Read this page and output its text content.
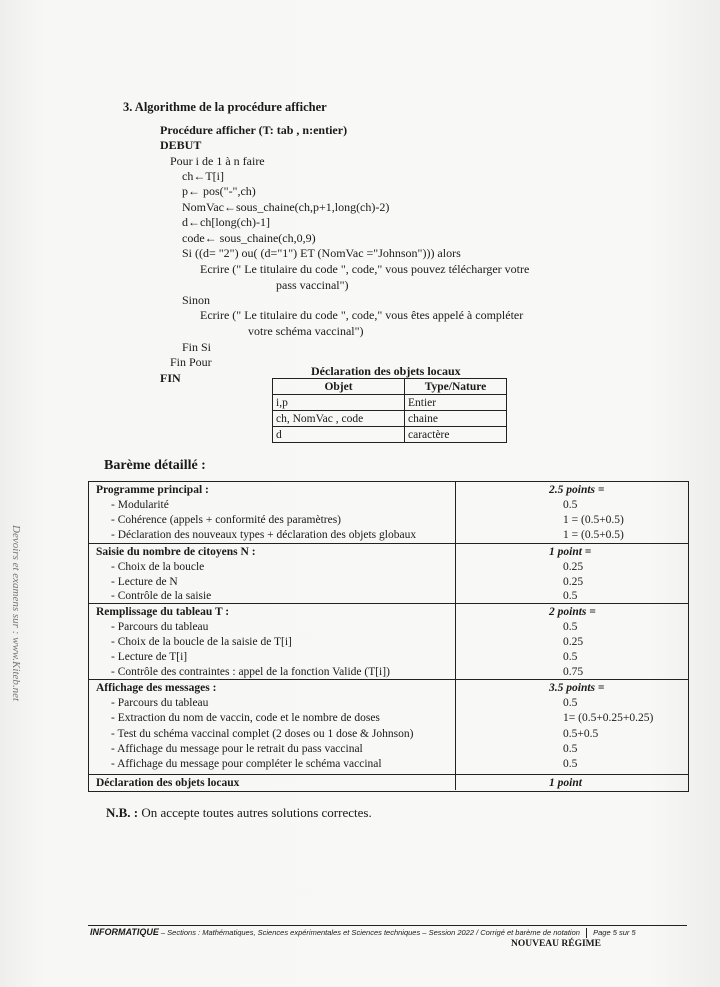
Devoirs et examens sur : www.Kiteb.net
3. Algorithme de la procédure afficher
Procédure afficher (T: tab , n:entier)
DEBUT
Pour i de 1 à n faire
ch←T[i]
p← pos("-",ch)
NomVac←sous_chaine(ch,p+1,long(ch)-2)
d←ch[long(ch)-1]
code← sous_chaine(ch,0,9)
Si ((d= "2") ou( (d="1") ET (NomVac ="Johnson"))) alors
Ecrire (" Le titulaire du code ", code," vous pouvez télécharger votre
pass vaccinal")
Sinon
Ecrire (" Le titulaire du code ", code," vous êtes appelé à compléter
votre schéma vaccinal")
Fin Si
Fin Pour
FIN	Déclaration des objets locaux
Objet	Type/Nature
i,p	Entier
ch, NomVac , code	chaine
d	caractère
Barème détaillé :
Programme principal :	2.5 points =
- Modularité	0.5
- Cohérence (appels + conformité des paramètres)	1 = (0.5+0.5)
- Déclaration des nouveaux types + déclaration des objets globaux	1 = (0.5+0.5)
Saisie du nombre de citoyens N :	1 point =
- Choix de la boucle	0.25
- Lecture de N	0.25
- Contrôle de la saisie	0.5
Remplissage du tableau T :	2 points =
- Parcours du tableau	0.5
- Choix de la boucle de la saisie de T[i]	0.25
- Lecture de T[i]	0.5
- Contrôle des contraintes : appel de la fonction Valide (T[i])	0.75
Affichage des messages :	3.5 points =
- Parcours du tableau	0.5
- Extraction du nom de vaccin, code et le nombre de doses	1= (0.5+0.25+0.25)
- Test du schéma vaccinal complet (2 doses ou 1 dose & Johnson)	0.5+0.5
- Affichage du message pour le retrait du pass vaccinal	0.5
- Affichage du message pour compléter le schéma vaccinal	0.5
Déclaration des objets locaux	1 point
N.B. : On accepte toutes autres solutions correctes.
INFORMATIQUE – Sections : Mathématiques, Sciences expérimentales et Sciences techniques – Session 2022 / Corrigé et barème de notation Page 5 sur 5
NOUVEAU RÉGIME
